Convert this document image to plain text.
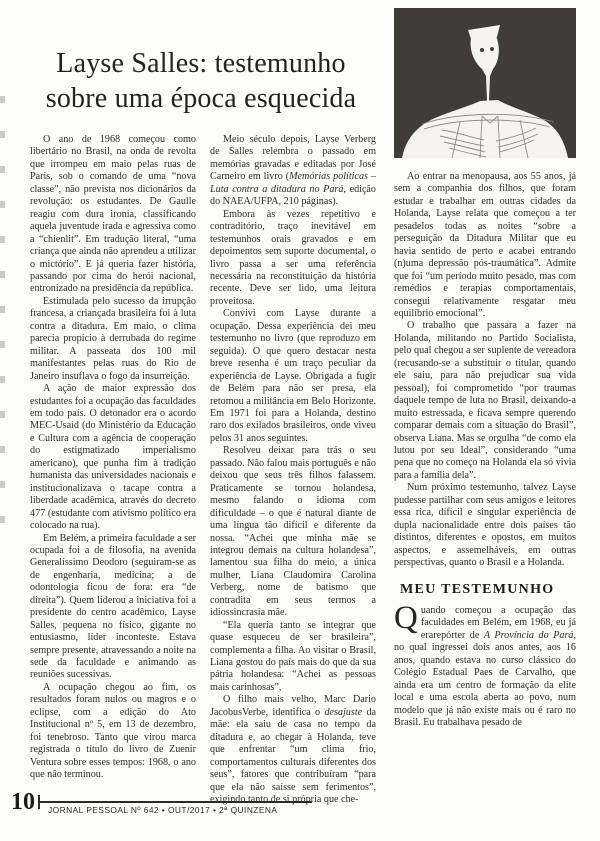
Layse Salles: testemunho
sobre uma época esquecida

O ano de 1968 começou como libertário no Brasil, na onda de revolta que irrompeu em maio pelas ruas de Paris, sob o comando de uma “nova classe”, não prevista nos dicionários da revolução: os estudantes. De Gaulle reagiu com dura ironia, classificando aquela juventude irada e agressiva como a “chienlit”. Em tradução literal, “uma criança que ainda não aprendeu a utilizar o mictório”. E já queria fazer história, passando por cima do herói nacional, entronizado na presidência da república.

Estimulada pelo sucesso da irrupção francesa, a criançada brasileira foi à luta contra a ditadura. Em maio, o clima parecia propício à derrubada do regime militar. A passeata dos 100 mil manifestantes pelas ruas do Rio de Janeiro insuflava o fogo da insurreição.

A ação de maior expressão dos estudantes foi a ocupação das faculdades em todo país. O detonador era o acordo MEC-Usaid (do Ministério da Educação e Cultura com a agência de cooperação do estigmatizado imperialismo americano), que punha fim à tradição humanista das universidades nacionais e institucionalizava o tacape contra a liberdade acadêmica, através do decreto 477 (estudante com ativismo político era colocado na rua).

Em Belém, a primeira faculdade a ser ocupada foi a de filosofia, na avenida Generalíssimo Deodoro (seguiram-se as de engenharia, medicina; a de odontologia ficou de fora: era “de direita”). Quem liderou a iniciativa foi a presidente do centro acadêmico, Layse Salles, pequena no físico, gigante no entusiasmo, líder inconteste. Estava sempre presente, atravessando a noite na sede da faculdade e animando as reuniões sucessivas.

A ocupação chegou ao fim, os resultados foram nulos ou magros e o eclipse, com a edição do Ato Institucional nº 5, em 13 de dezembro, foi tenebroso. Tanto que virou marca registrada o título do livro de Zuenir Ventura sobre esses tempos: 1968, o ano que não terminou.

Meio século depois, Layse Verberg de Salles relembra o passado em memórias gravadas e editadas por José Carneiro em livro (Memórias políticas – Luta contra a ditadura no Pará, edição do NAEA/UFPA, 210 páginas).

Embora às vezes repetitivo e contraditório, traço inevitável em testemunhos orais gravados e em depoimentos sem suporte documental, o livro passa a ser uma referência necessária na reconstituição da história recente. Deve ser lido, uma leitura proveitosa.

Convivi com Layse durante a ocupação. Dessa experiência dei meu testemunho no livro (que reproduzo em seguida). O que quero destacar nesta breve resenha é um traço peculiar da experiência de Layse. Obrigada a fugir de Belém para não ser presa, ela retomou a militância em Belo Horizonte. Em 1971 foi para a Holanda, destino raro dos exilados brasileiros, onde viveu pelos 31 anos seguintes.

Resolveu deixar para trás o seu passado. Não falou mais português e não deixou que seus três filhos falassem. Praticamente se tornou holandesa, mesmo falando o idioma com dificuldade – o que é natural diante de uma língua tão difícil e diferente da nossa. “Achei que minha mãe se integrou demais na cultura holandesa”, lamentou sua filha do meio, a única mulher, Liana Claudomira Carolina Verberg, nome de batismo que contradita em seus termos a idiossincrasia mãe.

“Ela queria tanto se integrar que quase esqueceu de ser brasileira”, complementa a filha. Ao visitar o Brasil, Liana gostou do país mais do que da sua pátria holandesa: “Achei as pessoas mais carinhosas”,

O filho mais velho, Marc Dario JacobusVerbe, identifica o desajuste da mãe: ela saiu de casa no tempo da ditadura e, ao chegar à Holanda, teve que enfrentar “um clima frio, comportamentos culturais diferentes dos seus”, fatores que contribuíram “para que ela não saísse sem ferimentos”, exigindo tanto de si própria que che-

Ao entrar na menopausa, aos 55 anos, já sem a companhia dos filhos, que foram estudar e trabalhar em outras cidades da Holanda, Layse relata que começou a ter pesadelos todas as noites “sobre a perseguição da Ditadura Militar que eu havia sentido de perto e acabei entrando (n)uma depressão pós-traumática”. Admite que foi “um período muito pesado, mas com remédios e terapias comportamentais, consegui relativamente resgatar meu equilíbrio emocional”.

O trabalho que passara a fazer na Holanda, militando no Partido Socialista, pelo qual chegou a ser suplente de vereadora (recusando-se a substituir o titular, quando ele saiu, para não prejudicar sua vida pessoal), foi comprometido “por traumas daquele tempo de luta no Brasil, deixando-a muito estressada, e ficava sempre querendo comparar demais com a situação do Brasil”, observa Liana. Mas se orgulha “de como ela lutou por seu Ideal”, considerando “uma pena que no começo na Holanda ela só vivia para a família dela”.

Num próximo testemunho, talvez Layse pudesse partilhar com seus amigos e leitores essa rica, difícil e singular experiência de dupla nacionalidade entre dois países tão distintos, diferentes e opostos, em muitos aspectos, e assemelháveis, em outras perspectivas, quanto o Brasil e a Holanda.

MEU TESTEMUNHO

Quando começou a ocupação das faculdades em Belém, em 1968, eu já erarepórter de A Província do Pará, no qual ingressei dois anos antes, aos 16 anos, quando estava no curso clássico do Colégio Estadual Paes de Carvalho, que ainda era um centro de formação da elite local e uma escola aberta ao povo, num modelo que já não existe mais ou é raro no Brasil. Eu trabalhava pesado de

10 JORNAL PESSOAL Nº 642 • OUT/2017 • 2ª QUINZENA
